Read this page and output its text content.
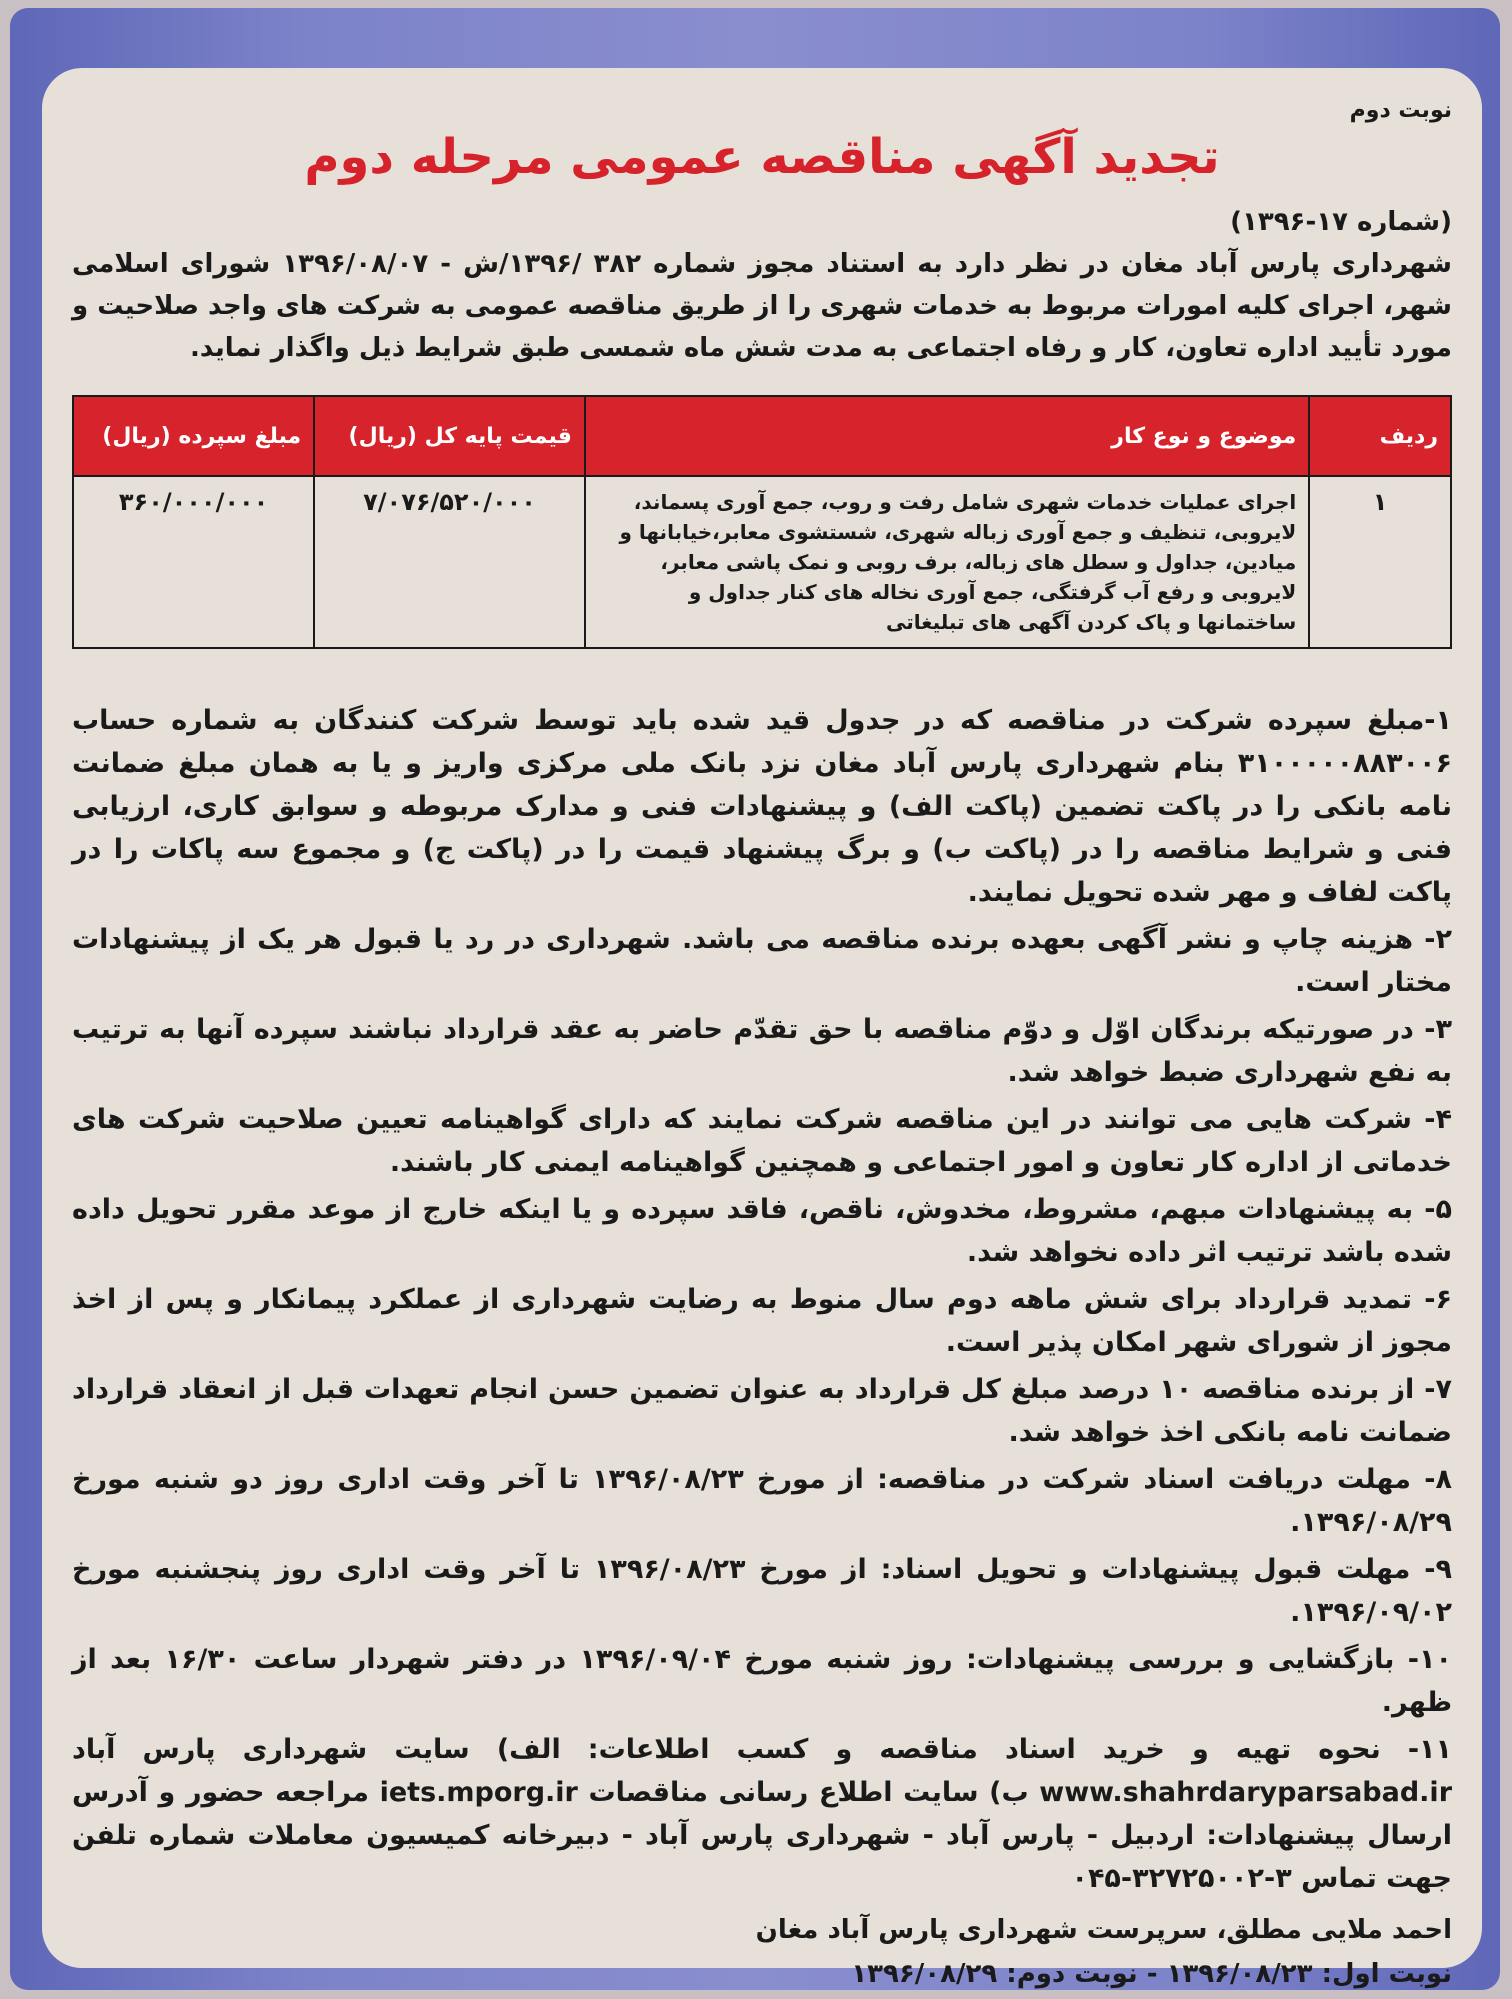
نوبت دوم
تجدید آگهی مناقصه عمومی مرحله دوم
(شماره ۱۷-۱۳۹۶)
شهرداری پارس آباد مغان در نظر دارد به استناد مجوز شماره ۳۸۲ /۱۳۹۶/ش - ۱۳۹۶/۰۸/۰۷ شورای اسلامی شهر، اجرای کلیه امورات مربوط به خدمات شهری را از طریق مناقصه عمومی به شرکت های واجد صلاحیت و مورد تأیید اداره تعاون، کار و رفاه اجتماعی به مدت شش ماه شمسی طبق شرایط ذیل واگذار نماید.
ردیف	موضوع و نوع کار	قیمت پایه کل (ریال)	مبلغ سپرده (ریال)
۱	اجرای عملیات خدمات شهری شامل رفت و روب، جمع آوری پسماند، لایروبی، تنظیف و جمع آوری زباله شهری، شستشوی معابر،خیابانها و میادین، جداول و سطل های زباله، برف روبی و نمک پاشی معابر، لایروبی و رفع آب گرفتگی، جمع آوری نخاله های کنار جداول و ساختمانها و پاک کردن آگهی های تبلیغاتی	۷/۰۷۶/۵۲۰/۰۰۰	۳۶۰/۰۰۰/۰۰۰

۱-مبلغ سپرده شرکت در مناقصه که در جدول قید شده باید توسط شرکت کنندگان به شماره حساب ۳۱۰۰۰۰۰۸۸۳۰۰۶ بنام شهرداری پارس آباد مغان نزد بانک ملی مرکزی واریز و یا به همان مبلغ ضمانت نامه بانکی را در پاکت تضمین (پاکت الف) و پیشنهادات فنی و مدارک مربوطه و سوابق کاری، ارزیابی فنی و شرایط مناقصه را در (پاکت ب) و برگ پیشنهاد قیمت را در (پاکت ج) و مجموع سه پاکات را در پاکت لفاف و مهر شده تحویل نمایند.

۲- هزینه چاپ و نشر آگهی بعهده برنده مناقصه می باشد. شهرداری در رد یا قبول هر یک از پیشنهادات مختار است.

۳- در صورتیکه برندگان اوّل و دوّم مناقصه با حق تقدّم حاضر به عقد قرارداد نباشند سپرده آنها به ترتیب به نفع شهرداری ضبط خواهد شد.

۴- شرکت هایی می توانند در این مناقصه شرکت نمایند که دارای گواهینامه تعیین صلاحیت شرکت های خدماتی از اداره کار تعاون و امور اجتماعی و همچنین گواهینامه ایمنی کار باشند.

۵- به پیشنهادات مبهم، مشروط، مخدوش، ناقص، فاقد سپرده و یا اینکه خارج از موعد مقرر تحویل داده شده باشد ترتیب اثر داده نخواهد شد.

۶- تمدید قرارداد برای شش ماهه دوم سال منوط به رضایت شهرداری از عملکرد پیمانکار و پس از اخذ مجوز از شورای شهر امکان پذیر است.

۷- از برنده مناقصه ۱۰ درصد مبلغ کل قرارداد به عنوان تضمین حسن انجام تعهدات قبل از انعقاد قرارداد ضمانت نامه بانکی اخذ خواهد شد.

۸- مهلت دریافت اسناد شرکت در مناقصه: از مورخ ۱۳۹۶/۰۸/۲۳ تا آخر وقت اداری روز دو شنبه مورخ ۱۳۹۶/۰۸/۲۹.

۹- مهلت قبول پیشنهادات و تحویل اسناد: از مورخ ۱۳۹۶/۰۸/۲۳ تا آخر وقت اداری روز پنجشنبه مورخ ۱۳۹۶/۰۹/۰۲.

۱۰- بازگشایی و بررسی پیشنهادات: روز شنبه مورخ ۱۳۹۶/۰۹/۰۴ در دفتر شهردار ساعت ۱۶/۳۰ بعد از ظهر.

۱۱- نحوه تهیه و خرید اسناد مناقصه و کسب اطلاعات: الف) سایت شهرداری پارس آباد www.shahrdaryparsabad.ir ب) سایت اطلاع رسانی مناقصات iets.mporg.ir مراجعه حضور و آدرس ارسال پیشنهادات: اردبیل - پارس آباد - شهرداری پارس آباد - دبیرخانه کمیسیون معاملات شماره تلفن جهت تماس ۳-۳۲۷۲۵۰۰۲-۰۴۵

احمد ملایی مطلق، سرپرست شهرداری پارس آباد مغان
نوبت اول: ۱۳۹۶/۰۸/۲۳ - نوبت دوم: ۱۳۹۶/۰۸/۲۹
